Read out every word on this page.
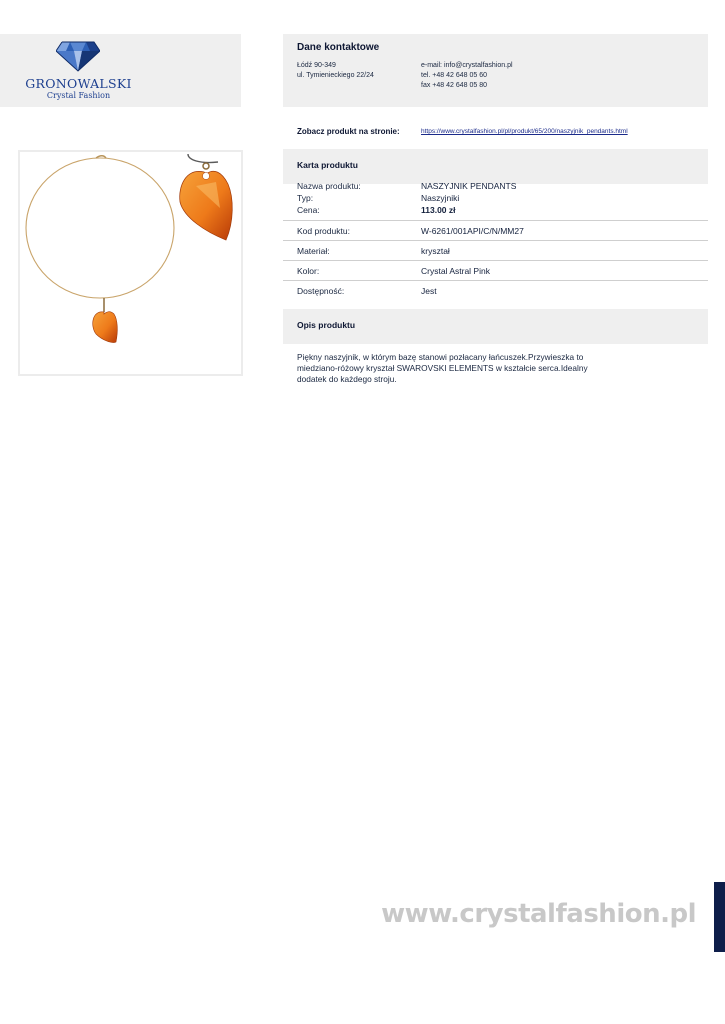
GRONOWALSKI
Crystal Fashion
Dane kontaktowe
Łódź 90-349
ul. Tymienieckiego 22/24
e-mail: info@crystalfashion.pl
tel. +48 42 648 05 60
fax +48 42 648 05 80
Zobacz produkt na stronie:	https://www.crystalfashion.pl/pl/produkt/65/200/naszyjnik_pendants.html
Karta produktu
Nazwa produktu:	NASZYJNIK PENDANTS
Typ:	Naszyjniki
Cena:	113.00 zł
Kod produktu:	W-6261/001API/C/N/MM27
Materiał:	kryształ
Kolor:	Crystal Astral Pink
Dostępność:	Jest
Opis produktu
Piękny naszyjnik, w którym bazę stanowi pozłacany łańcuszek.Przywieszka to miedziano-różowy kryształ SWAROVSKI ELEMENTS w kształcie serca.Idealny dodatek do każdego stroju.
www.crystalfashion.pl
